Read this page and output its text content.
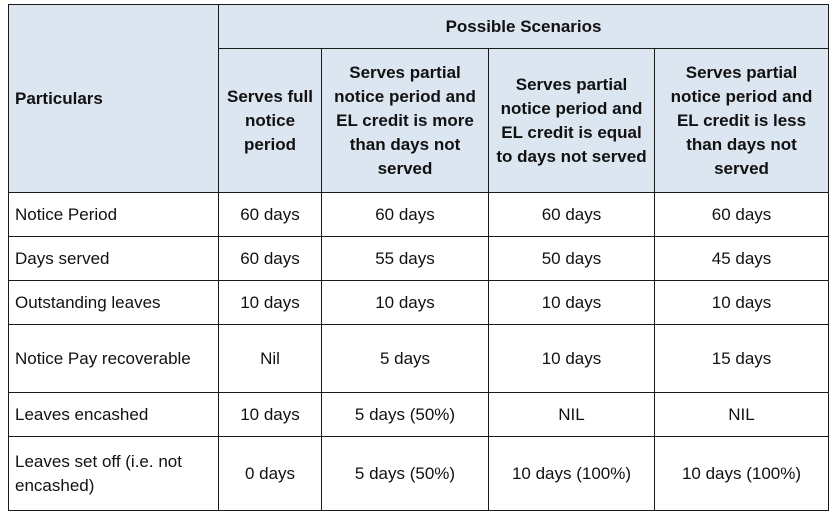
Particulars	Possible Scenarios			
	Serves full notice period	Serves partial notice period and EL credit is more than days not served	Serves partial notice period and EL credit is equal to days not served	Serves partial notice period and EL credit is less than days not served
Notice Period	60 days	60 days	60 days	60 days
Days served	60 days	55 days	50 days	45 days
Outstanding leaves	10 days	10 days	10 days	10 days
Notice Pay recoverable	Nil	5 days	10 days	15 days
Leaves encashed	10 days	5 days (50%)	NIL	NIL
Leaves set off (i.e. not encashed)	0 days	5 days (50%)	10 days (100%)	10 days (100%)
